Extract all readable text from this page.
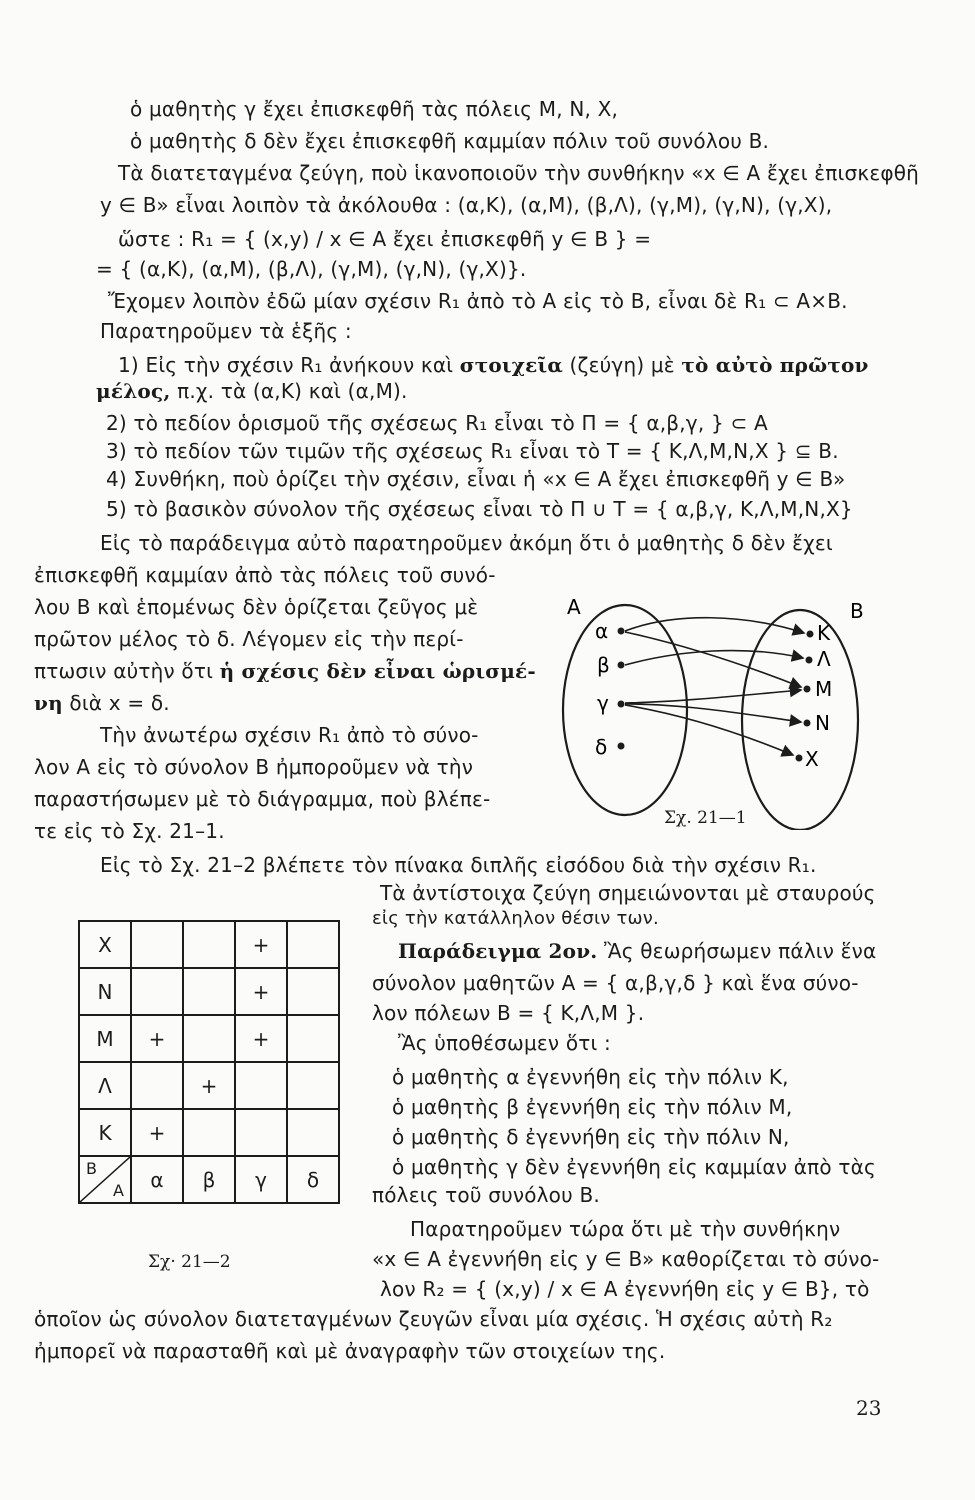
ὁ μαθητὴς γ ἔχει ἐπισκεφθῆ τὰς πόλεις Μ, Ν, Χ,
ὁ μαθητὴς δ δὲν ἔχει ἐπισκεφθῆ καμμίαν πόλιν τοῦ συνόλου Β.
Τὰ διατεταγμένα ζεύγη, ποὺ ἱκανοποιοῦν τὴν συνθήκην «x ∈ A ἔχει ἐπισκεφθῆ
y ∈ B» εἶναι λοιπὸν τὰ ἀκόλουθα : (α,Κ), (α,Μ), (β,Λ), (γ,Μ), (γ,Ν), (γ,Χ),
ὥστε : R₁ = { (x,y) / x ∈ A ἔχει ἐπισκεφθῆ y ∈ B } =
= { (α,Κ), (α,Μ), (β,Λ), (γ,Μ), (γ,Ν), (γ,Χ)}.
Ἔχομεν λοιπὸν ἐδῶ μίαν σχέσιν R₁ ἀπὸ τὸ Α εἰς τὸ Β, εἶναι δὲ R₁ ⊂ A×B.
Παρατηροῦμεν τὰ ἑξῆς :
1) Εἰς τὴν σχέσιν R₁ ἀνήκουν καὶ στοιχεῖα (ζεύγη) μὲ τὸ αὐτὸ πρῶτον
μέλος, π.χ. τὰ (α,Κ) καὶ (α,Μ).
2) τὸ πεδίον ὁρισμοῦ τῆς σχέσεως R₁ εἶναι τὸ Π = { α,β,γ, } ⊂ A
3) τὸ πεδίον τῶν τιμῶν τῆς σχέσεως R₁ εἶναι τὸ Τ = { Κ,Λ,Μ,Ν,Χ } ⊆ B.
4) Συνθήκη, ποὺ ὁρίζει τὴν σχέσιν, εἶναι ἡ «x ∈ A ἔχει ἐπισκεφθῆ y ∈ B»
5) τὸ βασικὸν σύνολον τῆς σχέσεως εἶναι τὸ Π ∪ Τ = { α,β,γ, Κ,Λ,Μ,Ν,Χ}
Εἰς τὸ παράδειγμα αὐτὸ παρατηροῦμεν ἀκόμη ὅτι ὁ μαθητὴς δ δὲν ἔχει
ἐπισκεφθῆ καμμίαν ἀπὸ τὰς πόλεις τοῦ συνό-
λου Β καὶ ἑπομένως δὲν ὁρίζεται ζεῦγος μὲ
πρῶτον μέλος τὸ δ. Λέγομεν εἰς τὴν περί-
πτωσιν αὐτὴν ὅτι ἡ σχέσις δὲν εἶναι ὡρισμέ-
νη διὰ x = δ.
Τὴν ἀνωτέρω σχέσιν R₁ ἀπὸ τὸ σύνο-
λον Α εἰς τὸ σύνολον Β ἠμποροῦμεν νὰ τὴν
παραστήσωμεν μὲ τὸ διάγραμμα, ποὺ βλέπε-
τε εἰς τὸ Σχ. 21–1.
A	B
α
β
γ
δ
K
Λ
M
N
X
Σχ. 21—1
Εἰς τὸ Σχ. 21–2 βλέπετε τὸν πίνακα διπλῆς εἰσόδου διὰ τὴν σχέσιν R₁.
Τὰ ἀντίστοιχα ζεύγη σημειώνονται μὲ σταυρούς
εἰς τὴν κατάλληλον θέσιν των.
X			+	
N			+	
M	+		+	
Λ		+		
K	+			

B
A	α	β	γ	δ
Σχ· 21—2
Παράδειγμα 2ον. Ἂς θεωρήσωμεν πάλιν ἕνα
σύνολον μαθητῶν Α = { α,β,γ,δ } καὶ ἕνα σύνο-
λον πόλεων Β = { Κ,Λ,Μ }.
Ἂς ὑποθέσωμεν ὅτι :
ὁ μαθητὴς α ἐγεννήθη εἰς τὴν πόλιν Κ,
ὁ μαθητὴς β ἐγεννήθη εἰς τὴν πόλιν Μ,
ὁ μαθητὴς δ ἐγεννήθη εἰς τὴν πόλιν Ν,
ὁ μαθητὴς γ δὲν ἐγεννήθη εἰς καμμίαν ἀπὸ τὰς
πόλεις τοῦ συνόλου Β.
Παρατηροῦμεν τώρα ὅτι μὲ τὴν συνθήκην
«x ∈ A ἐγεννήθη εἰς y ∈ B» καθορίζεται τὸ σύνο-
λον R₂ = { (x,y) / x ∈ A ἐγεννήθη εἰς y ∈ B}, τὸ
ὁποῖον ὡς σύνολον διατεταγμένων ζευγῶν εἶναι μία σχέσις. Ἡ σχέσις αὐτὴ R₂
ἠμπορεῖ νὰ παρασταθῆ καὶ μὲ ἀναγραφὴν τῶν στοιχείων της.
23
